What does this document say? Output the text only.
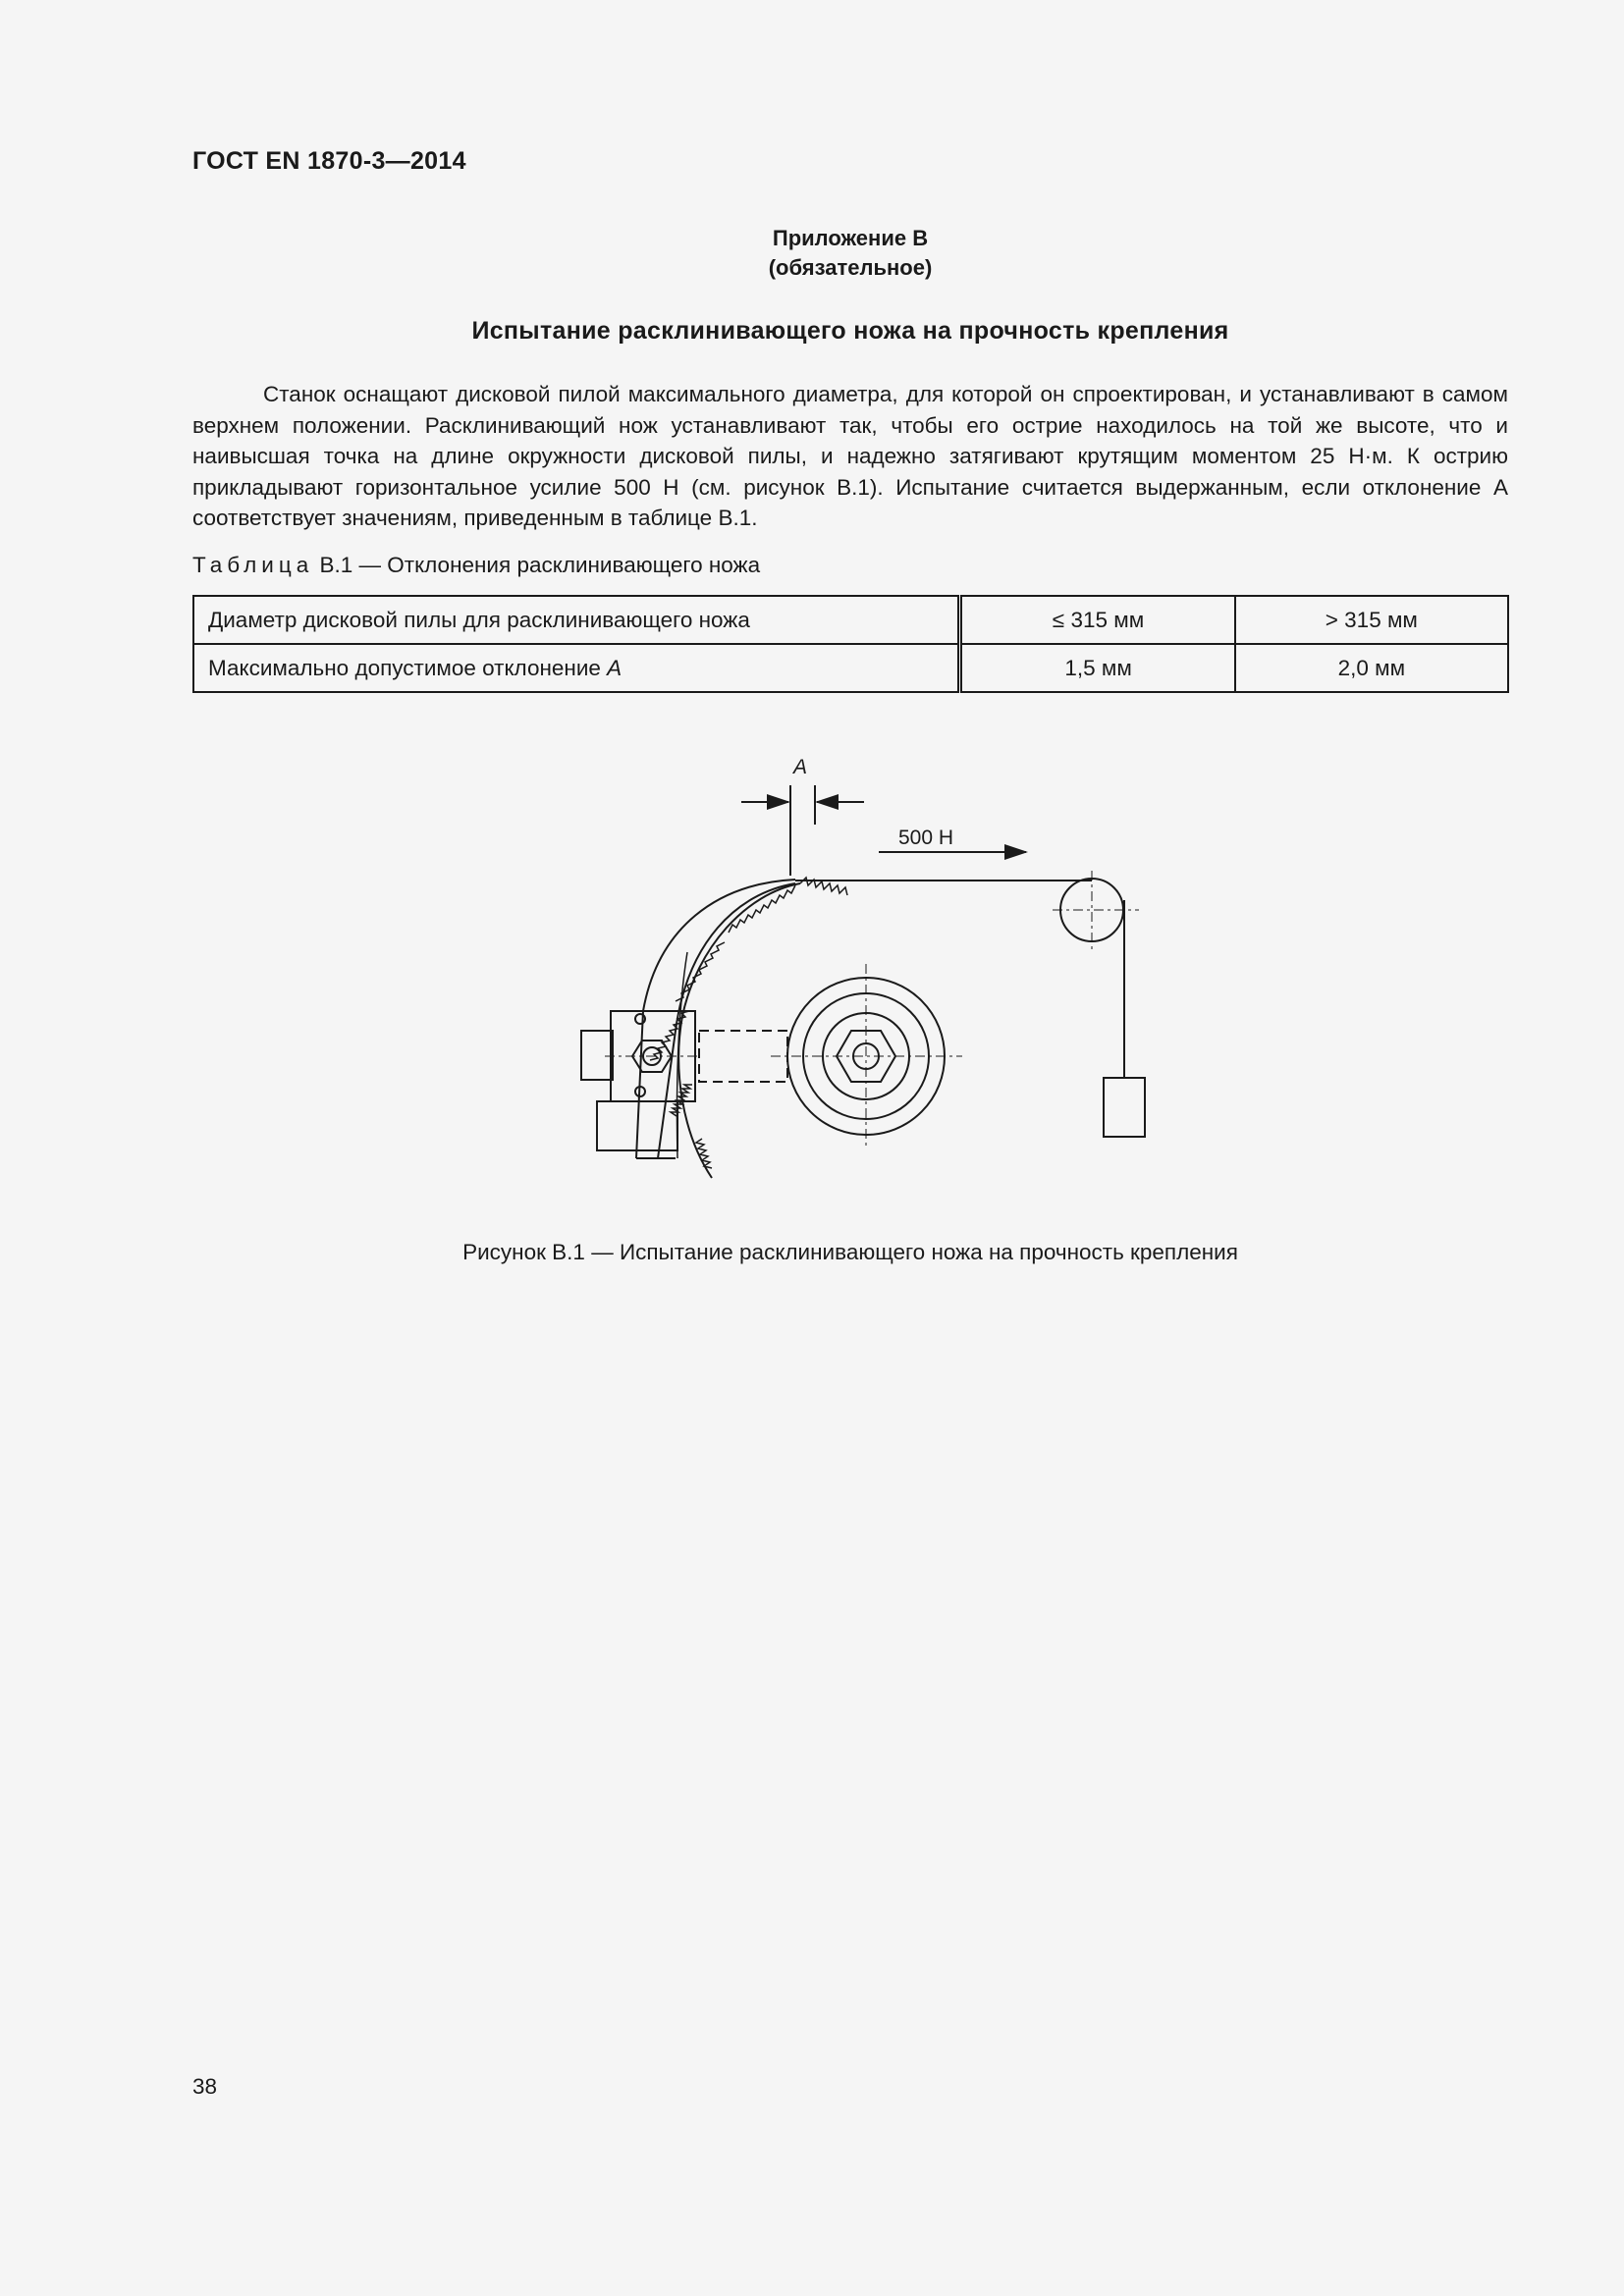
ГОСТ EN 1870-3—2014
Приложение В
(обязательное)
Испытание расклинивающего ножа на прочность крепления

Станок оснащают дисковой пилой максимального диаметра, для которой он спроектирован, и устанавливают в самом верхнем положении. Расклинивающий нож устанавливают так, чтобы его острие находилось на той же высоте, что и наивысшая точка на длине окружности дисковой пилы, и надежно затягивают крутящим моментом 25 Н·м. К острию прикладывают горизонтальное усилие 500 Н (см. рисунок В.1). Испытание считается выдержанным, если отклонение А соответствует значениям, приведенным в таблице В.1.

Таблица В.1 — Отклонения расклинивающего ножа
Диаметр дисковой пилы для расклинивающего ножа	≤ 315 мм	> 315 мм
Максимально допустимое отклонение А	1,5 мм	2,0 мм
А
500 Н
Рисунок В.1 — Испытание расклинивающего ножа на прочность крепления
38
